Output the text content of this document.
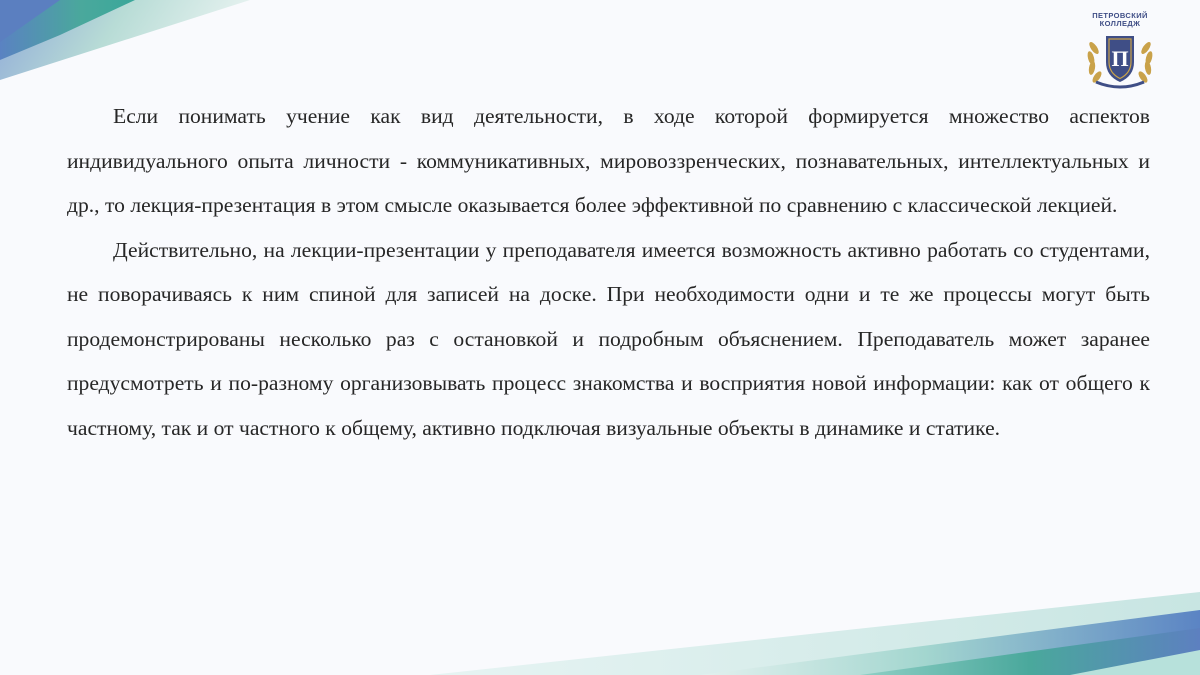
ПЕТРОВСКИЙ
КОЛЛЕДЖ
П

Если понимать учение как вид деятельности, в ходе которой формируется множество аспектов индивидуального опыта личности - коммуникативных, мировоззренческих, познавательных, интеллектуальных и др., то лекция-презентация в этом смысле оказывается более эффективной по сравнению с классической лекцией.

Действительно, на лекции-презентации у преподавателя имеется возможность активно работать со студентами, не поворачиваясь к ним спиной для записей на доске. При необходимости одни и те же процессы могут быть продемонстрированы несколько раз с остановкой и подробным объяснением. Преподаватель может заранее предусмотреть и по-разному организовывать процесс знакомства и восприятия новой информации: как от общего к частному, так и от частного к общему, активно подключая визуальные объекты в динамике и статике.
